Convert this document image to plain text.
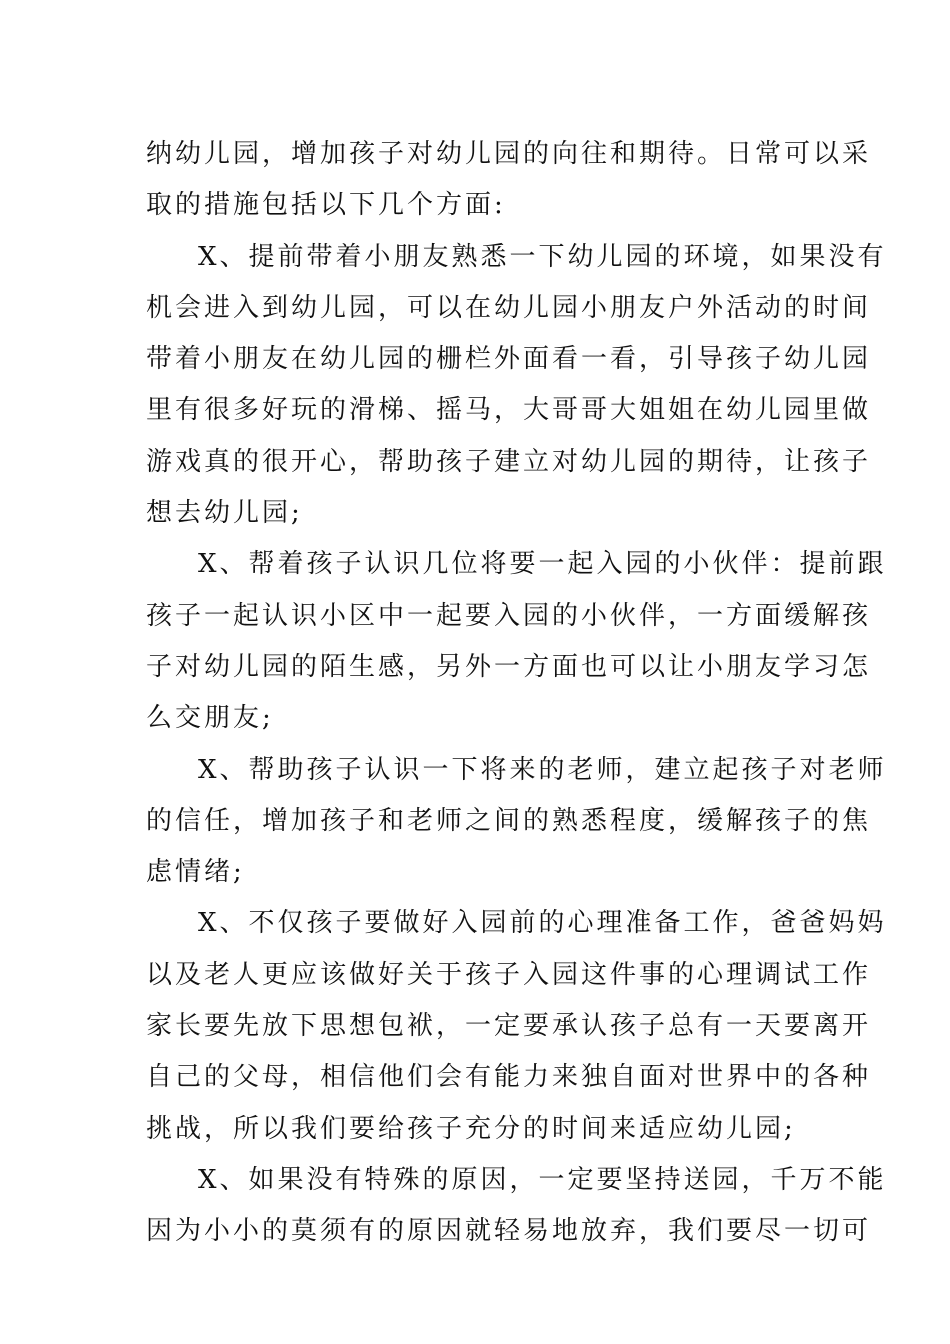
纳幼儿园，增加孩子对幼儿园的向往和期待。日常可以采
取的措施包括以下几个方面:
X、提前带着小朋友熟悉一下幼儿园的环境，如果没有
机会进入到幼儿园，可以在幼儿园小朋友户外活动的时间
带着小朋友在幼儿园的栅栏外面看一看，引导孩子幼儿园
里有很多好玩的滑梯、摇马，大哥哥大姐姐在幼儿园里做
游戏真的很开心，帮助孩子建立对幼儿园的期待，让孩子
想去幼儿园;
X、帮着孩子认识几位将要一起入园的小伙伴：提前跟
孩子一起认识小区中一起要入园的小伙伴，一方面缓解孩
子对幼儿园的陌生感，另外一方面也可以让小朋友学习怎
么交朋友;
X、帮助孩子认识一下将来的老师，建立起孩子对老师
的信任，增加孩子和老师之间的熟悉程度，缓解孩子的焦
虑情绪;
X、不仅孩子要做好入园前的心理准备工作，爸爸妈妈
以及老人更应该做好关于孩子入园这件事的心理调试工作
家长要先放下思想包袱，一定要承认孩子总有一天要离开
自己的父母，相信他们会有能力来独自面对世界中的各种
挑战，所以我们要给孩子充分的时间来适应幼儿园;
X、如果没有特殊的原因，一定要坚持送园，千万不能
因为小小的莫须有的原因就轻易地放弃，我们要尽一切可
